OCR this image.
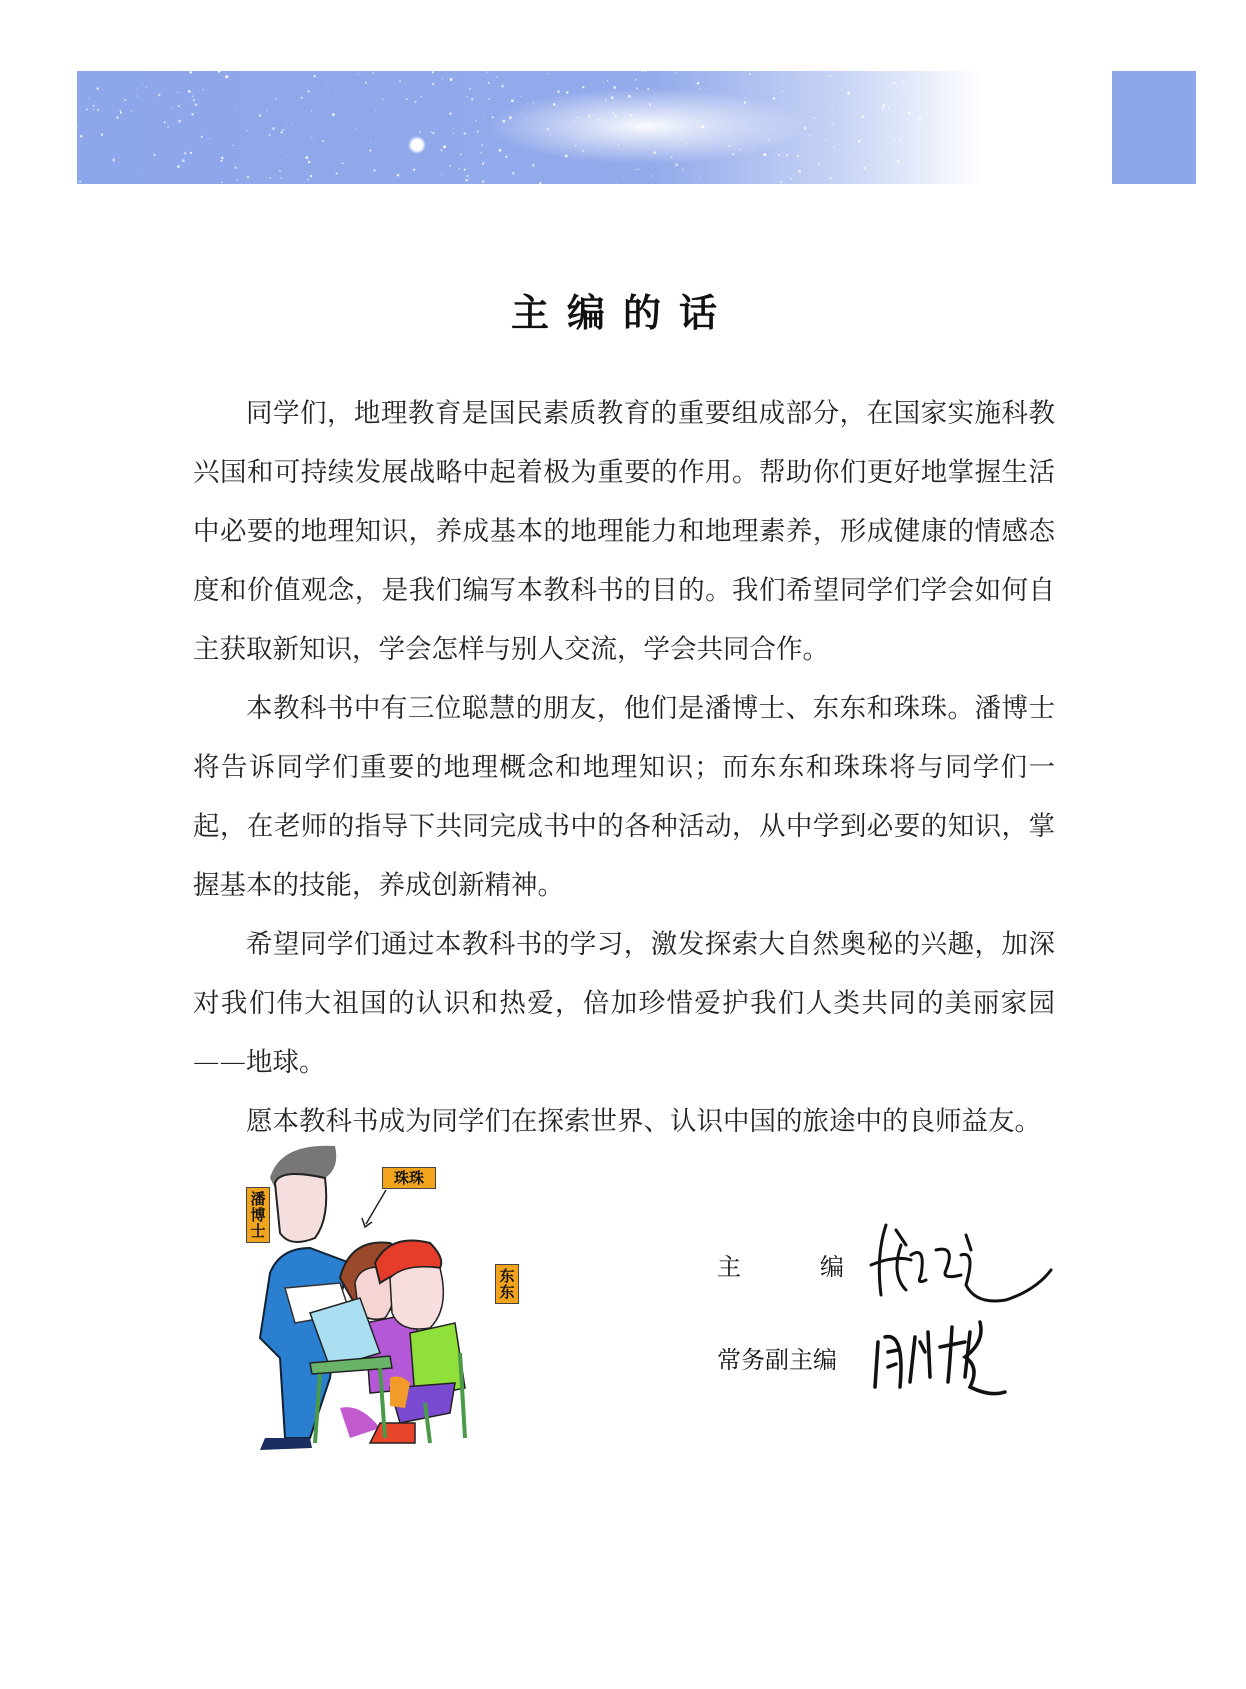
主编的话

同学们，地理教育是国民素质教育的重要组成部分，在国家实施科教兴国和可持续发展战略中起着极为重要的作用。帮助你们更好地掌握生活中必要的地理知识，养成基本的地理能力和地理素养，形成健康的情感态度和价值观念，是我们编写本教科书的目的。我们希望同学们学会如何自主获取新知识，学会怎样与别人交流，学会共同合作。

本教科书中有三位聪慧的朋友，他们是潘博士、东东和珠珠。潘博士将告诉同学们重要的地理概念和地理知识；而东东和珠珠将与同学们一起，在老师的指导下共同完成书中的各种活动，从中学到必要的知识，掌握基本的技能，养成创新精神。

希望同学们通过本教科书的学习，激发探索大自然奥秘的兴趣，加深对我们伟大祖国的认识和热爱，倍加珍惜爱护我们人类共同的美丽家园——地球。

愿本教科书成为同学们在探索世界、认识中国的旅途中的良师益友。

潘博士
珠珠
东东
主	编
常务副主编
